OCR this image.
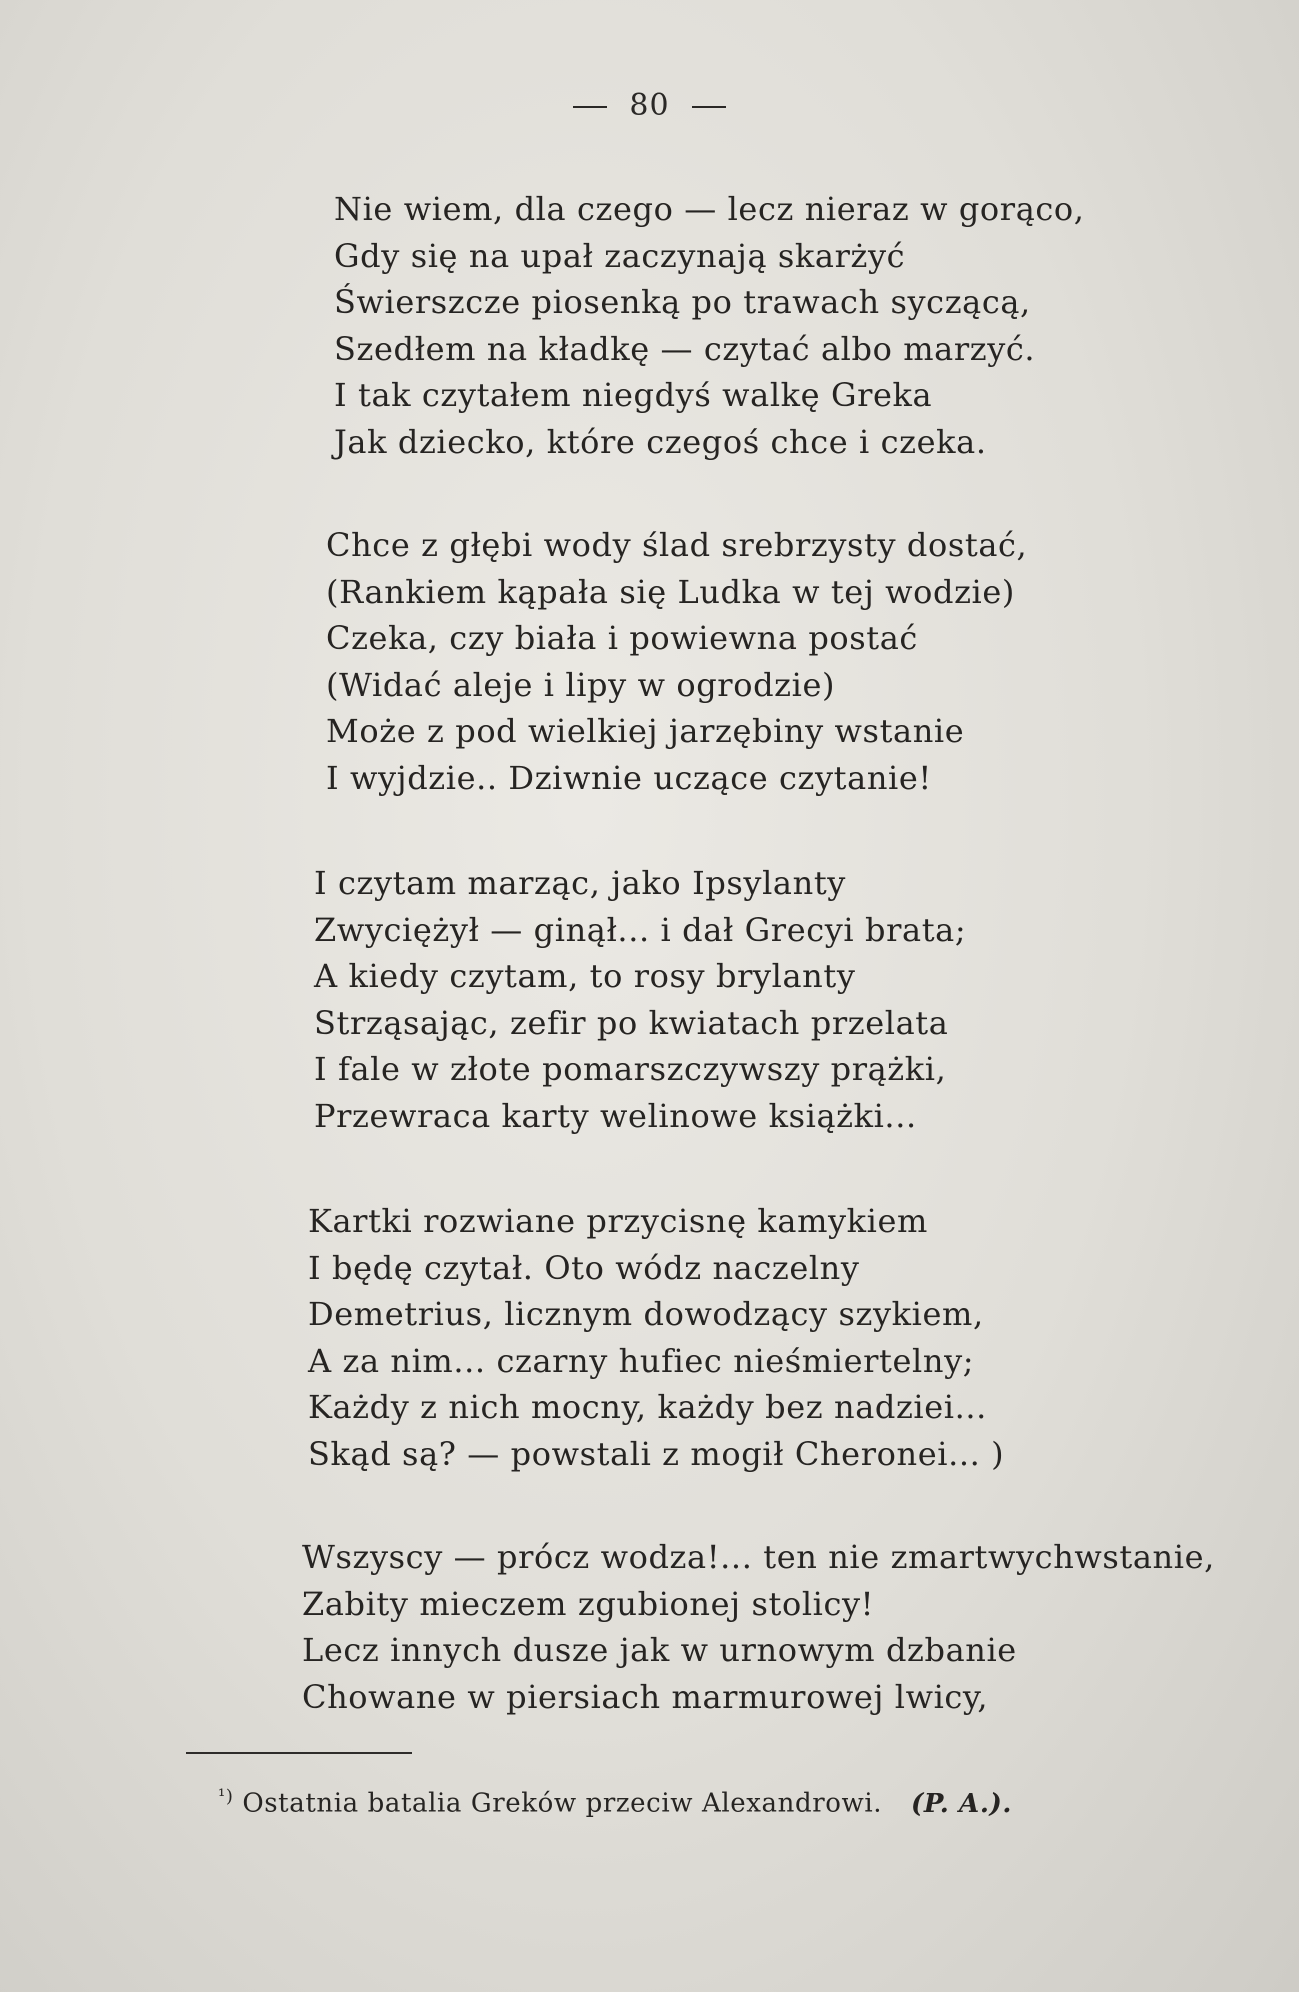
80
Nie wiem, dla czego — lecz nieraz w gorąco,
Gdy się na upał zaczynają skarżyć
Świerszcze piosenką po trawach syczącą,
Szedłem na kładkę — czytać albo marzyć.
I tak czytałem niegdyś walkę Greka
Jak dziecko, które czegoś chce i czeka.
Chce z głębi wody ślad srebrzysty dostać,
(Rankiem kąpała się Ludka w tej wodzie)
Czeka, czy biała i powiewna postać
(Widać aleje i lipy w ogrodzie)
Może z pod wielkiej jarzębiny wstanie
I wyjdzie.. Dziwnie uczące czytanie!
I czytam marząc, jako Ipsylanty
Zwyciężył — ginął... i dał Grecyi brata;
A kiedy czytam, to rosy brylanty
Strząsając, zefir po kwiatach przelata
I fale w złote pomarszczywszy prążki,
Przewraca karty welinowe książki...
Kartki rozwiane przycisnę kamykiem
I będę czytał. Oto wódz naczelny
Demetrius, licznym dowodzący szykiem,
A za nim... czarny hufiec nieśmiertelny;
Każdy z nich mocny, każdy bez nadziei...
Skąd są? — powstali z mogił Cheronei... )
Wszyscy — prócz wodza!... ten nie zmartwychwstanie,
Zabity mieczem zgubionej stolicy!
Lecz innych dusze jak w urnowym dzbanie
Chowane w piersiach marmurowej lwicy,
$^{^1)}$ Ostatnia batalia Greków przeciw Alexandrowi. (P. A.).
